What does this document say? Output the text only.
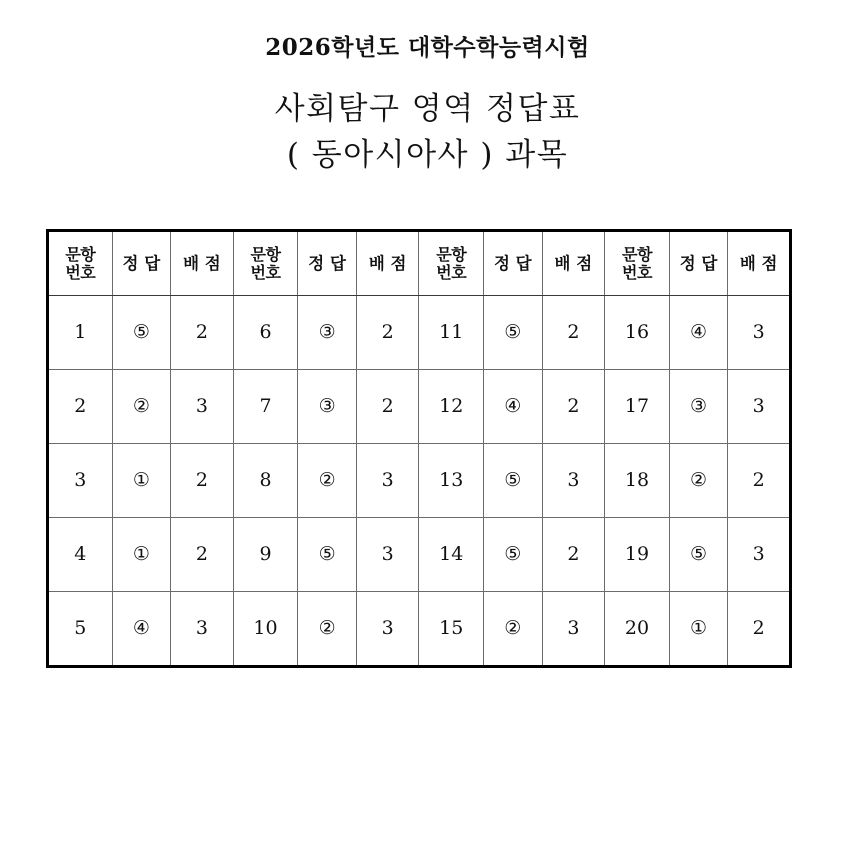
2026학년도 대학수학능력시험
사회탐구 영역 정답표
( 동아시아사 ) 과목
문항
번호	정 답	배 점	문항
번호	정 답	배 점	문항
번호	정 답	배 점	문항
번호	정 답	배 점
1	⑤	2	6	③	2	11	⑤	2	16	④	3
2	②	3	7	③	2	12	④	2	17	③	3
3	①	2	8	②	3	13	⑤	3	18	②	2
4	①	2	9	⑤	3	14	⑤	2	19	⑤	3
5	④	3	10	②	3	15	②	3	20	①	2
